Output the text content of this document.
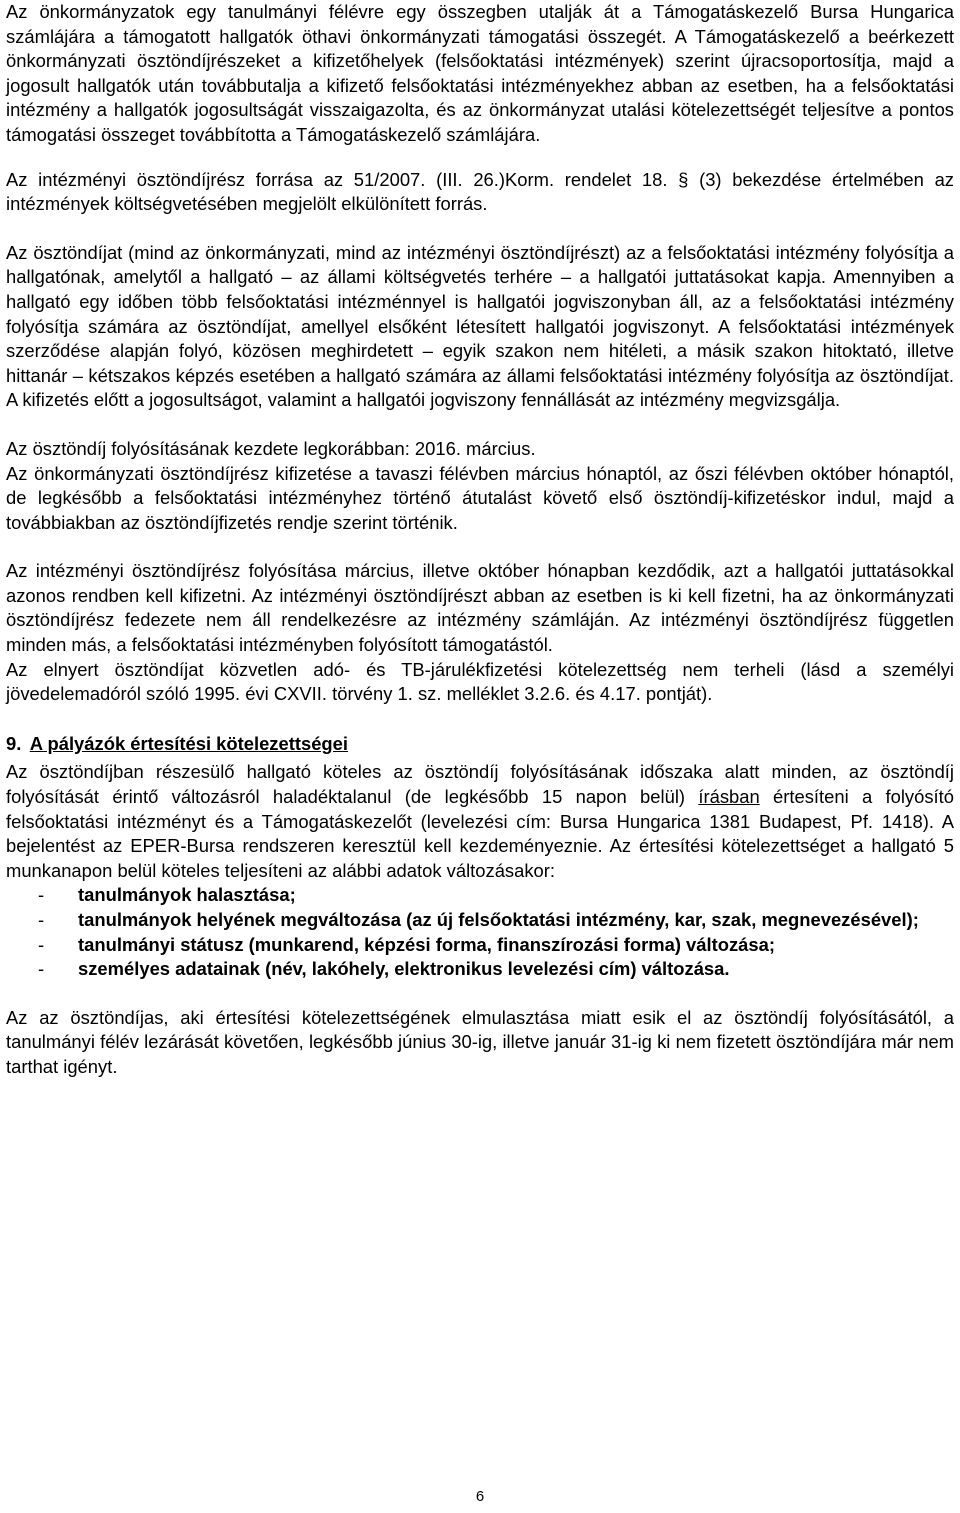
Az önkormányzatok egy tanulmányi félévre egy összegben utalják át a Támogatáskezelő Bursa Hungarica számlájára a támogatott hallgatók öthavi önkormányzati támogatási összegét. A Támogatáskezelő a beérkezett önkormányzati ösztöndíjrészeket a kifizetőhelyek (felsőoktatási intézmények) szerint újracsoportosítja, majd a jogosult hallgatók után továbbutalja a kifizető felsőoktatási intézményekhez abban az esetben, ha a felsőoktatási intézmény a hallgatók jogosultságát visszaigazolta, és az önkormányzat utalási kötelezettségét teljesítve a pontos támogatási összeget továbbította a Támogatáskezelő számlájára.

Az intézményi ösztöndíjrész forrása az 51/2007. (III. 26.)Korm. rendelet 18. § (3) bekezdése értelmében az intézmények költségvetésében megjelölt elkülönített forrás.

Az ösztöndíjat (mind az önkormányzati, mind az intézményi ösztöndíjrészt) az a felsőoktatási intézmény folyósítja a hallgatónak, amelytől a hallgató – az állami költségvetés terhére – a hallgatói juttatásokat kapja. Amennyiben a hallgató egy időben több felsőoktatási intézménnyel is hallgatói jogviszonyban áll, az a felsőoktatási intézmény folyósítja számára az ösztöndíjat, amellyel elsőként létesített hallgatói jogviszonyt. A felsőoktatási intézmények szerződése alapján folyó, közösen meghirdetett – egyik szakon nem hitéleti, a másik szakon hitoktató, illetve hittanár – kétszakos képzés esetében a hallgató számára az állami felsőoktatási intézmény folyósítja az ösztöndíjat. A kifizetés előtt a jogosultságot, valamint a hallgatói jogviszony fennállását az intézmény megvizsgálja.

Az ösztöndíj folyósításának kezdete legkorábban: 2016. március.

Az önkormányzati ösztöndíjrész kifizetése a tavaszi félévben március hónaptól, az őszi félévben október hónaptól, de legkésőbb a felsőoktatási intézményhez történő átutalást követő első ösztöndíj-kifizetéskor indul, majd a továbbiakban az ösztöndíjfizetés rendje szerint történik.

Az intézményi ösztöndíjrész folyósítása március, illetve október hónapban kezdődik, azt a hallgatói juttatásokkal azonos rendben kell kifizetni. Az intézményi ösztöndíjrészt abban az esetben is ki kell fizetni, ha az önkormányzati ösztöndíjrész fedezete nem áll rendelkezésre az intézmény számláján. Az intézményi ösztöndíjrész független minden más, a felsőoktatási intézményben folyósított támogatástól.

Az elnyert ösztöndíjat közvetlen adó- és TB-járulékfizetési kötelezettség nem terheli (lásd a személyi jövedelemadóról szóló 1995. évi CXVII. törvény 1. sz. melléklet 3.2.6. és 4.17. pontját).

9. A pályázók értesítési kötelezettségei

Az ösztöndíjban részesülő hallgató köteles az ösztöndíj folyósításának időszaka alatt minden, az ösztöndíj folyósítását érintő változásról haladéktalanul (de legkésőbb 15 napon belül) írásban értesíteni a folyósító felsőoktatási intézményt és a Támogatáskezelőt (levelezési cím: Bursa Hungarica 1381 Budapest, Pf. 1418). A bejelentést az EPER-Bursa rendszeren keresztül kell kezdeményeznie. Az értesítési kötelezettséget a hallgató 5 munkanapon belül köteles teljesíteni az alábbi adatok változásakor:

- tanulmányok halasztása;
- tanulmányok helyének megváltozása (az új felsőoktatási intézmény, kar, szak, megnevezésével);
- tanulmányi státusz (munkarend, képzési forma, finanszírozási forma) változása;
- személyes adatainak (név, lakóhely, elektronikus levelezési cím) változása.

Az az ösztöndíjas, aki értesítési kötelezettségének elmulasztása miatt esik el az ösztöndíj folyósításától, a tanulmányi félév lezárását követően, legkésőbb június 30-ig, illetve január 31-ig ki nem fizetett ösztöndíjára már nem tarthat igényt.

6
